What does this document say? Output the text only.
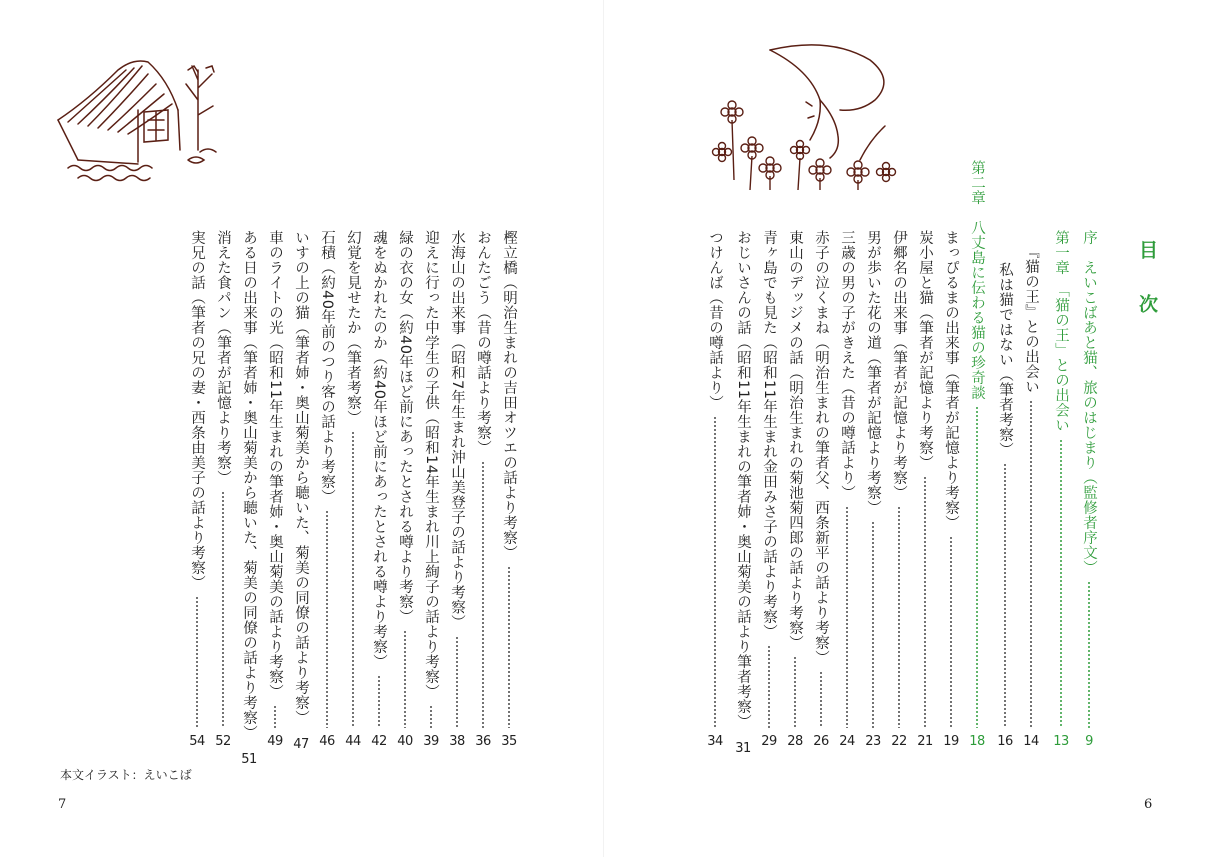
目 次
序　えいこばあと猫、旅のはじまり（監修者序文）
9
第一章　「猫の王」との出会い
13
『猫の王』との出会い
14
私は猫ではない（筆者考察）
16
第二章　八丈島に伝わる猫の珍奇談
18
まっぴるまの出来事（筆者が記憶より考察）
19
炭小屋と猫（筆者が記憶より考察）
21
伊郷名の出来事（筆者が記憶より考察）
22
男が歩いた花の道（筆者が記憶より考察）
23
三歳の男の子がきえた（昔の噂話より）
24
赤子の泣くまね（明治生まれの筆者父、西条新平の話より考察）
26
東山のデッジメの話（明治生まれの菊池菊四郎の話より考察）
28
青ヶ島でも見た（昭和11年生まれ金田みさ子の話より考察）
29
おじいさんの話（昭和11年生まれの筆者姉・奥山菊美の話より筆者考察）
31
つけんば（昔の噂話より）
34
樫立橋（明治生まれの吉田オツエの話より考察）
35
おんたごう（昔の噂話より考察）
36
水海山の出来事（昭和7年生まれ沖山美登子の話より考察）
38
迎えに行った中学生の子供（昭和14年生まれ川上絢子の話より考察）
39
緑の衣の女（約40年ほど前にあったとされる噂より考察）
40
魂をぬかれたのか（約40年ほど前にあったとされる噂より考察）
42
幻覚を見せたか（筆者考察）
44
石積（約40年前のつり客の話より考察）
46
いすの上の猫（筆者姉・奥山菊美から聴いた、菊美の同僚の話より考察）
47
車のライトの光（昭和11年生まれの筆者姉・奥山菊美の話より考察）
49
ある日の出来事（筆者姉・奥山菊美から聴いた、菊美の同僚の話より考察）
51
消えた食パン（筆者が記憶より考察）
52
実兄の話（筆者の兄の妻・西条由美子の話より考察）
54
本文イラスト：えいこば
7	6
